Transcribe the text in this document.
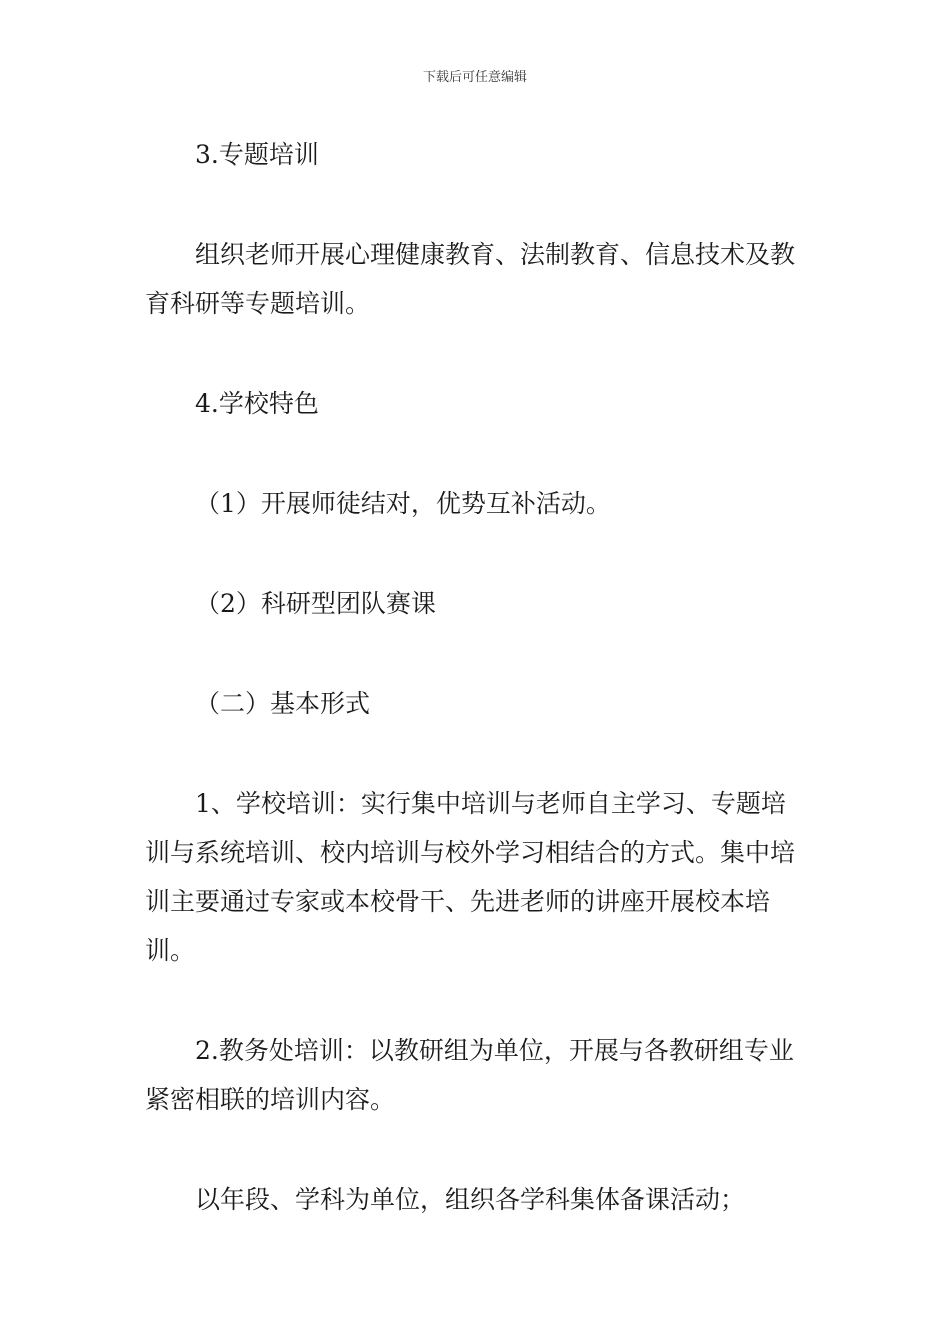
下载后可任意编辑

3.专题培训

组织老师开展心理健康教育、法制教育、信息技术及教育科研等专题培训。

4.学校特色

（1）开展师徒结对，优势互补活动。

（2）科研型团队赛课

（二）基本形式

1、学校培训：实行集中培训与老师自主学习、专题培训与系统培训、校内培训与校外学习相结合的方式。集中培训主要通过专家或本校骨干、先进老师的讲座开展校本培训。

2.教务处培训：以教研组为单位，开展与各教研组专业紧密相联的培训内容。

以年段、学科为单位，组织各学科集体备课活动；
